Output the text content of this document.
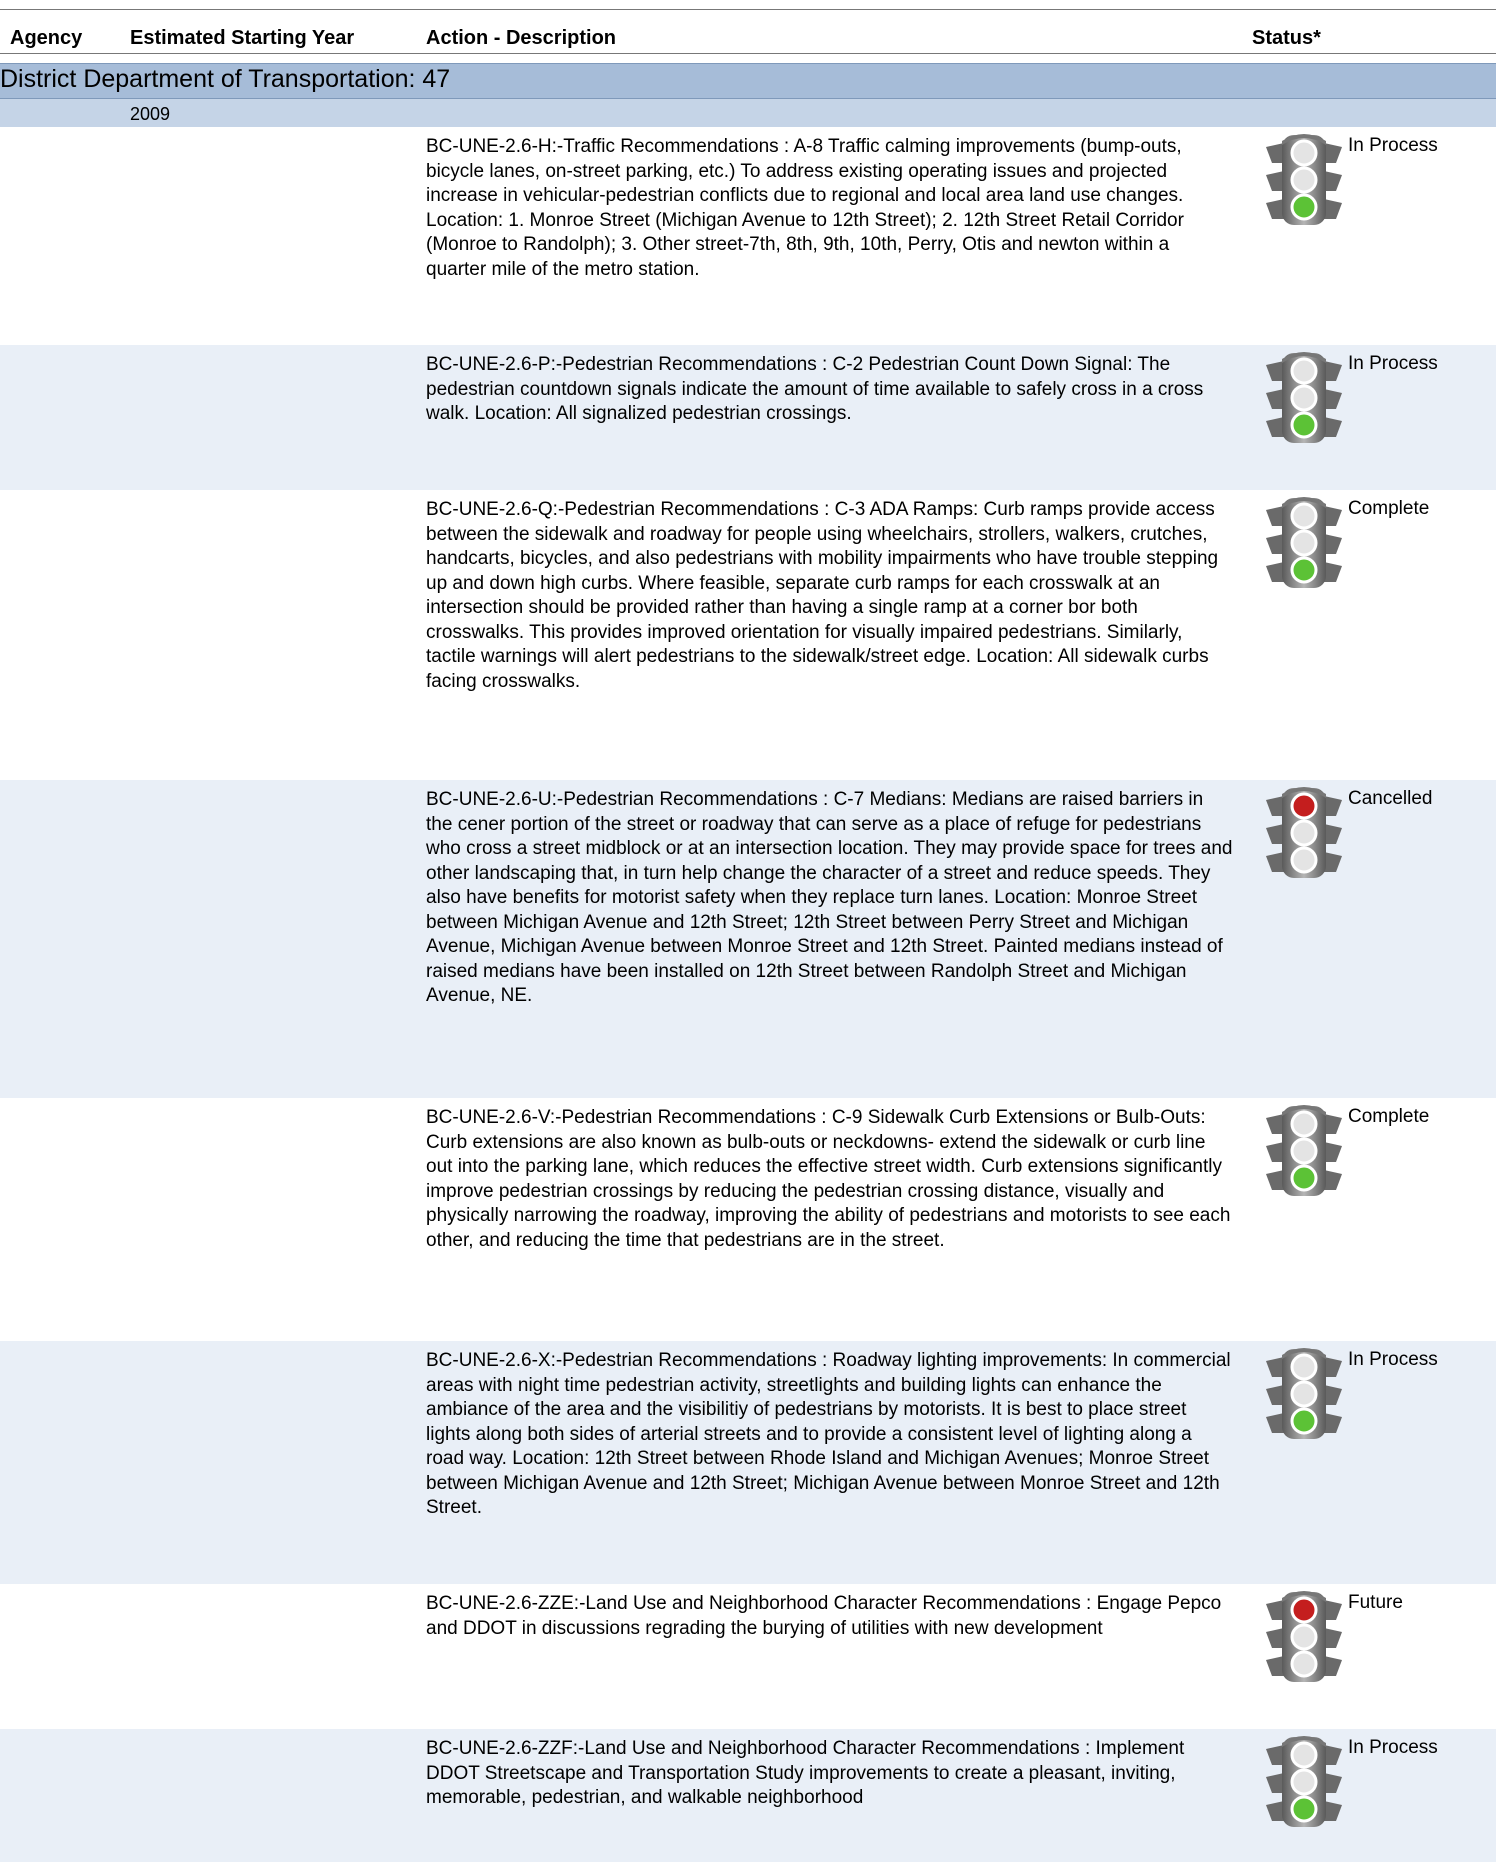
Agency Estimated Starting Year	Action - Description	Status*
District Department of Transportation: 47
2009
BC-UNE-2.6-H:-Traffic Recommendations : A-8 Traffic calming improvements (bump-outs, bicycle lanes, on-street parking, etc.) To address existing operating issues and projected increase in vehicular-pedestrian conflicts due to regional and local area land use changes. Location: 1. Monroe Street (Michigan Avenue to 12th Street); 2. 12th Street Retail Corridor (Monroe to Randolph); 3. Other street-7th, 8th, 9th, 10th, Perry, Otis and newton within a quarter mile of the metro station.
In Process
BC-UNE-2.6-P:-Pedestrian Recommendations : C-2 Pedestrian Count Down Signal: The pedestrian countdown signals indicate the amount of time available to safely cross in a cross walk. Location: All signalized pedestrian crossings.
In Process
BC-UNE-2.6-Q:-Pedestrian Recommendations : C-3 ADA Ramps: Curb ramps provide access between the sidewalk and roadway for people using wheelchairs, strollers, walkers, crutches, handcarts, bicycles, and also pedestrians with mobility impairments who have trouble stepping up and down high curbs. Where feasible, separate curb ramps for each crosswalk at an intersection should be provided rather than having a single ramp at a corner bor both crosswalks. This provides improved orientation for visually impaired pedestrians. Similarly, tactile warnings will alert pedestrians to the sidewalk/street edge. Location: All sidewalk curbs facing crosswalks.
Complete
BC-UNE-2.6-U:-Pedestrian Recommendations : C-7 Medians: Medians are raised barriers in the cener portion of the street or roadway that can serve as a place of refuge for pedestrians who cross a street midblock or at an intersection location. They may provide space for trees and other landscaping that, in turn help change the character of a street and reduce speeds. They also have benefits for motorist safety when they replace turn lanes. Location: Monroe Street between Michigan Avenue and 12th Street; 12th Street between Perry Street and Michigan Avenue, Michigan Avenue between Monroe Street and 12th Street. Painted medians instead of raised medians have been installed on 12th Street between Randolph Street and Michigan Avenue, NE.
Cancelled
BC-UNE-2.6-V:-Pedestrian Recommendations : C-9 Sidewalk Curb Extensions or Bulb-Outs: Curb extensions are also known as bulb-outs or neckdowns- extend the sidewalk or curb line out into the parking lane, which reduces the effective street width. Curb extensions significantly improve pedestrian crossings by reducing the pedestrian crossing distance, visually and physically narrowing the roadway, improving the ability of pedestrians and motorists to see each other, and reducing the time that pedestrians are in the street.
Complete
BC-UNE-2.6-X:-Pedestrian Recommendations : Roadway lighting improvements: In commercial areas with night time pedestrian activity, streetlights and building lights can enhance the ambiance of the area and the visibilitiy of pedestrians by motorists. It is best to place street lights along both sides of arterial streets and to provide a consistent level of lighting along a road way. Location: 12th Street between Rhode Island and Michigan Avenues; Monroe Street between Michigan Avenue and 12th Street; Michigan Avenue between Monroe Street and 12th Street.
In Process
BC-UNE-2.6-ZZE:-Land Use and Neighborhood Character Recommendations : Engage Pepco and DDOT in discussions regrading the burying of utilities with new development
Future
BC-UNE-2.6-ZZF:-Land Use and Neighborhood Character Recommendations : Implement DDOT Streetscape and Transportation Study improvements to create a pleasant, inviting, memorable, pedestrian, and walkable neighborhood
In Process
